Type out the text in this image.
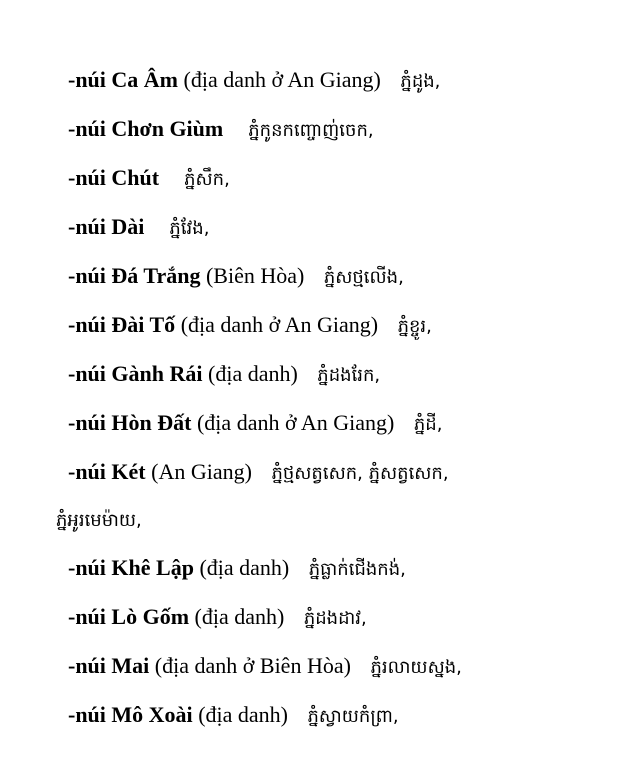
-núi Ca Âm (địa danh ở An Giang) ភ្នំដូង,
-núi Chơn Giùm ភ្នំកូនកញ្ចោញ់ចេក,
-núi Chút ភ្នំសឹក,
-núi Dài ភ្នំវែង,
-núi Đá Trắng (Biên Hòa) ភ្នំសថ្មលើង,
-núi Đài Tố (địa danh ở An Giang) ភ្នំខ្ចូរ,
-núi Gành Rái (địa danh) ភ្នំដងរែក,
-núi Hòn Đất (địa danh ở An Giang) ភ្នំដី,
-núi Két (An Giang) ភ្នំថ្មសត្វសេក, ភ្នំសត្វសេក,
ភ្នំអូរមេម៉ាយ,
-núi Khê Lập (địa danh) ភ្នំធ្លាក់ជើងកង់,
-núi Lò Gốm (địa danh) ភ្នំដងដាវ,
-núi Mai (địa danh ở Biên Hòa) ភ្នំរលាយស្នង,
-núi Mô Xoài (địa danh) ភ្នំស្វាយកំព្រា,
